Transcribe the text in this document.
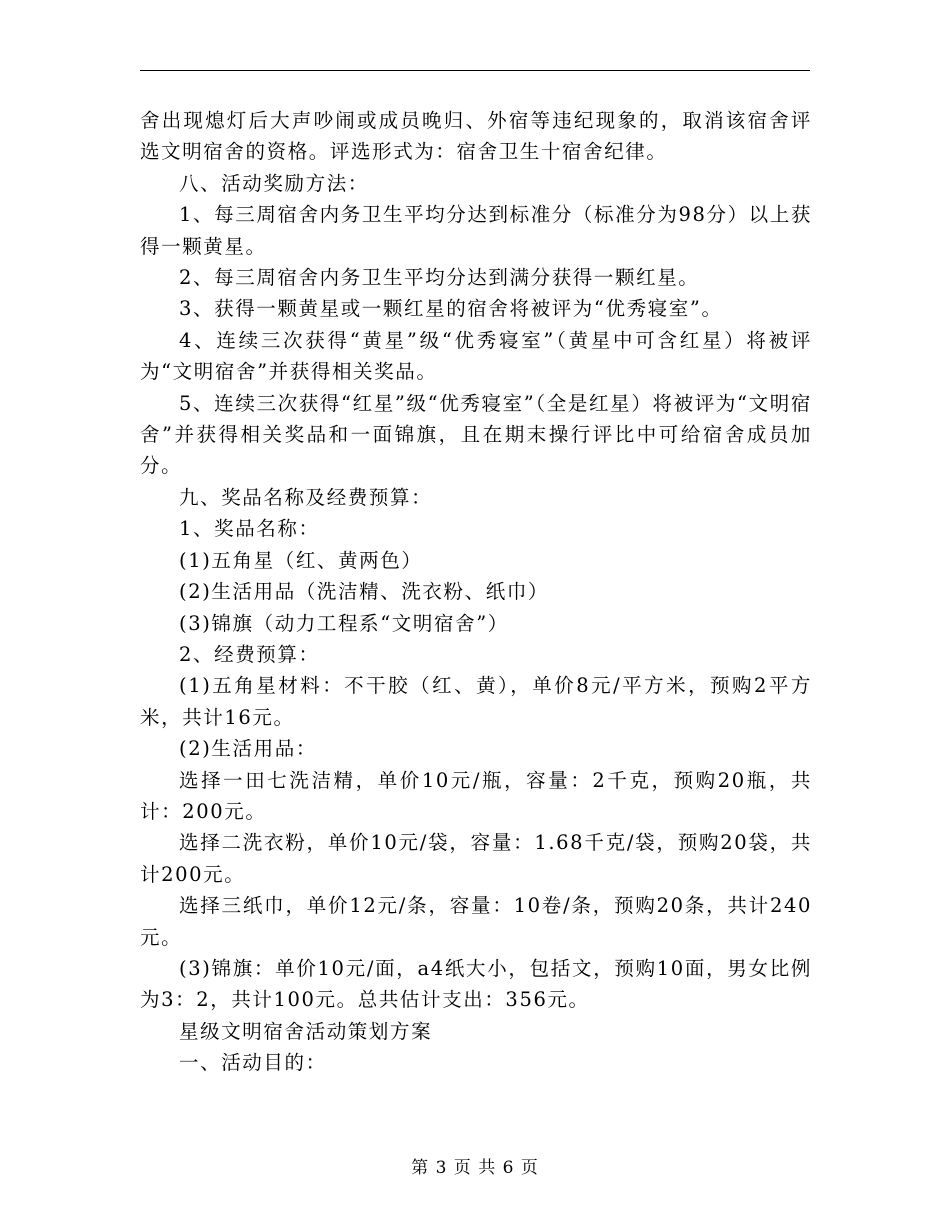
舍出现熄灯后大声吵闹或成员晚归、外宿等违纪现象的，取消该宿舍评选文明宿舍的资格。评选形式为：宿舍卫生十宿舍纪律。

八、活动奖励方法：

1、每三周宿舍内务卫生平均分达到标准分（标准分为98分）以上获得一颗黄星。

2、每三周宿舍内务卫生平均分达到满分获得一颗红星。

3、获得一颗黄星或一颗红星的宿舍将被评为“优秀寝室”。

4、连续三次获得“黄星”级“优秀寝室”（黄星中可含红星）将被评为“文明宿舍”并获得相关奖品。

5、连续三次获得“红星”级“优秀寝室”（全是红星）将被评为“文明宿舍”并获得相关奖品和一面锦旗，且在期末操行评比中可给宿舍成员加分。

九、奖品名称及经费预算：

1、奖品名称：

(1)五角星（红、黄两色）

(2)生活用品（洗洁精、洗衣粉、纸巾）

(3)锦旗（动力工程系“文明宿舍”）

2、经费预算：

(1)五角星材料：不干胶（红、黄），单价8元/平方米，预购2平方米，共计16元。

(2)生活用品：

选择一田七洗洁精，单价10元/瓶，容量：2千克，预购20瓶，共计：200元。

选择二洗衣粉，单价10元/袋，容量：1.68千克/袋，预购20袋，共计200元。

选择三纸巾，单价12元/条，容量：10卷/条，预购20条，共计240元。

(3)锦旗：单价10元/面，a4纸大小，包括文，预购10面，男女比例为3：2，共计100元。总共估计支出：356元。

星级文明宿舍活动策划方案

一、活动目的：

第 3 页 共 6 页
